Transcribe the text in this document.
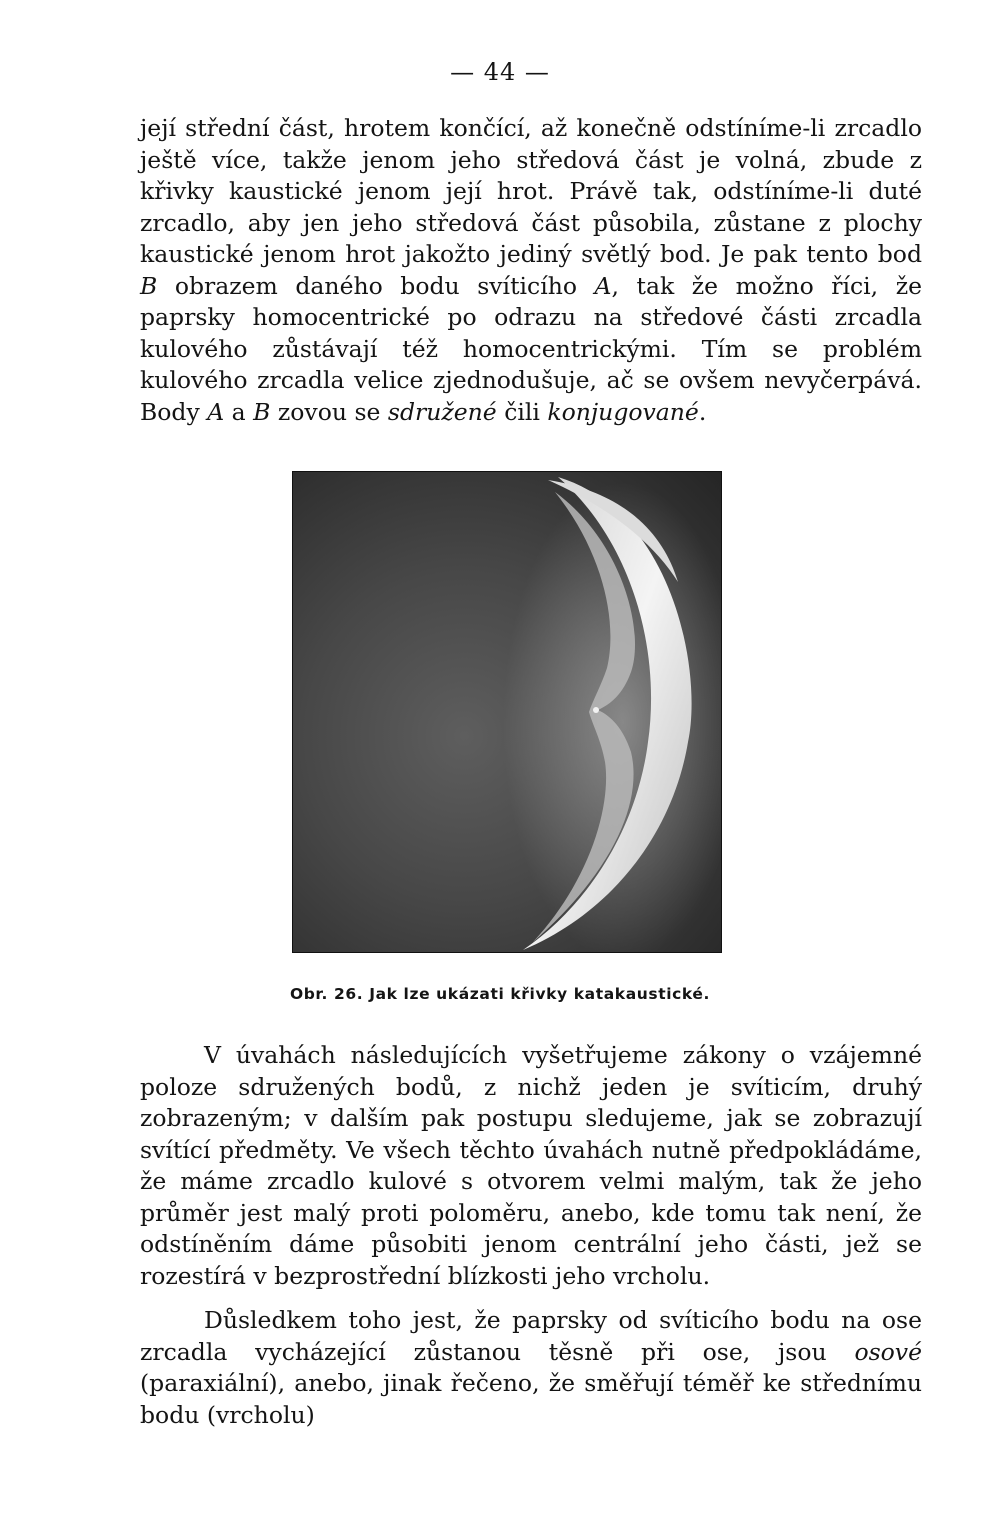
— 44 —

její střední část, hrotem končící, až konečně odstíníme-li zrcadlo ještě více, takže jenom jeho středová část je volná, zbude z křivky kaustické jenom její hrot. Právě tak, odstíníme-li duté zrcadlo, aby jen jeho středová část působila, zůstane z plochy kaustické jenom hrot jakožto jediný světlý bod. Je pak tento bod B obrazem daného bodu svíticího A, tak že možno říci, že paprsky homocentrické po odrazu na středové části zrcadla kulového zůstávají též homocentrickými. Tím se problém kulového zrcadla velice zjednodušuje, ač se ovšem nevyčerpává. Body A a B zovou se sdružené čili konjugované.

Obr. 26. Jak lze ukázati křivky katakaustické.

V úvahách následujících vyšetřujeme zákony o vzájemné poloze sdružených bodů, z nichž jeden je svíticím, druhý zobrazeným; v dalším pak postupu sledujeme, jak se zobrazují svítící předměty. Ve všech těchto úvahách nutně předpokládáme, že máme zrcadlo kulové s otvorem velmi malým, tak že jeho průměr jest malý proti poloměru, anebo, kde tomu tak není, že odstíněním dáme působiti jenom centrální jeho části, jež se rozestírá v bezprostřední blízkosti jeho vrcholu.

Důsledkem toho jest, že paprsky od svíticího bodu na ose zrcadla vycházející zůstanou těsně při ose, jsou osové (paraxiální), anebo, jinak řečeno, že směřují téměř ke střednímu bodu (vrcholu)
